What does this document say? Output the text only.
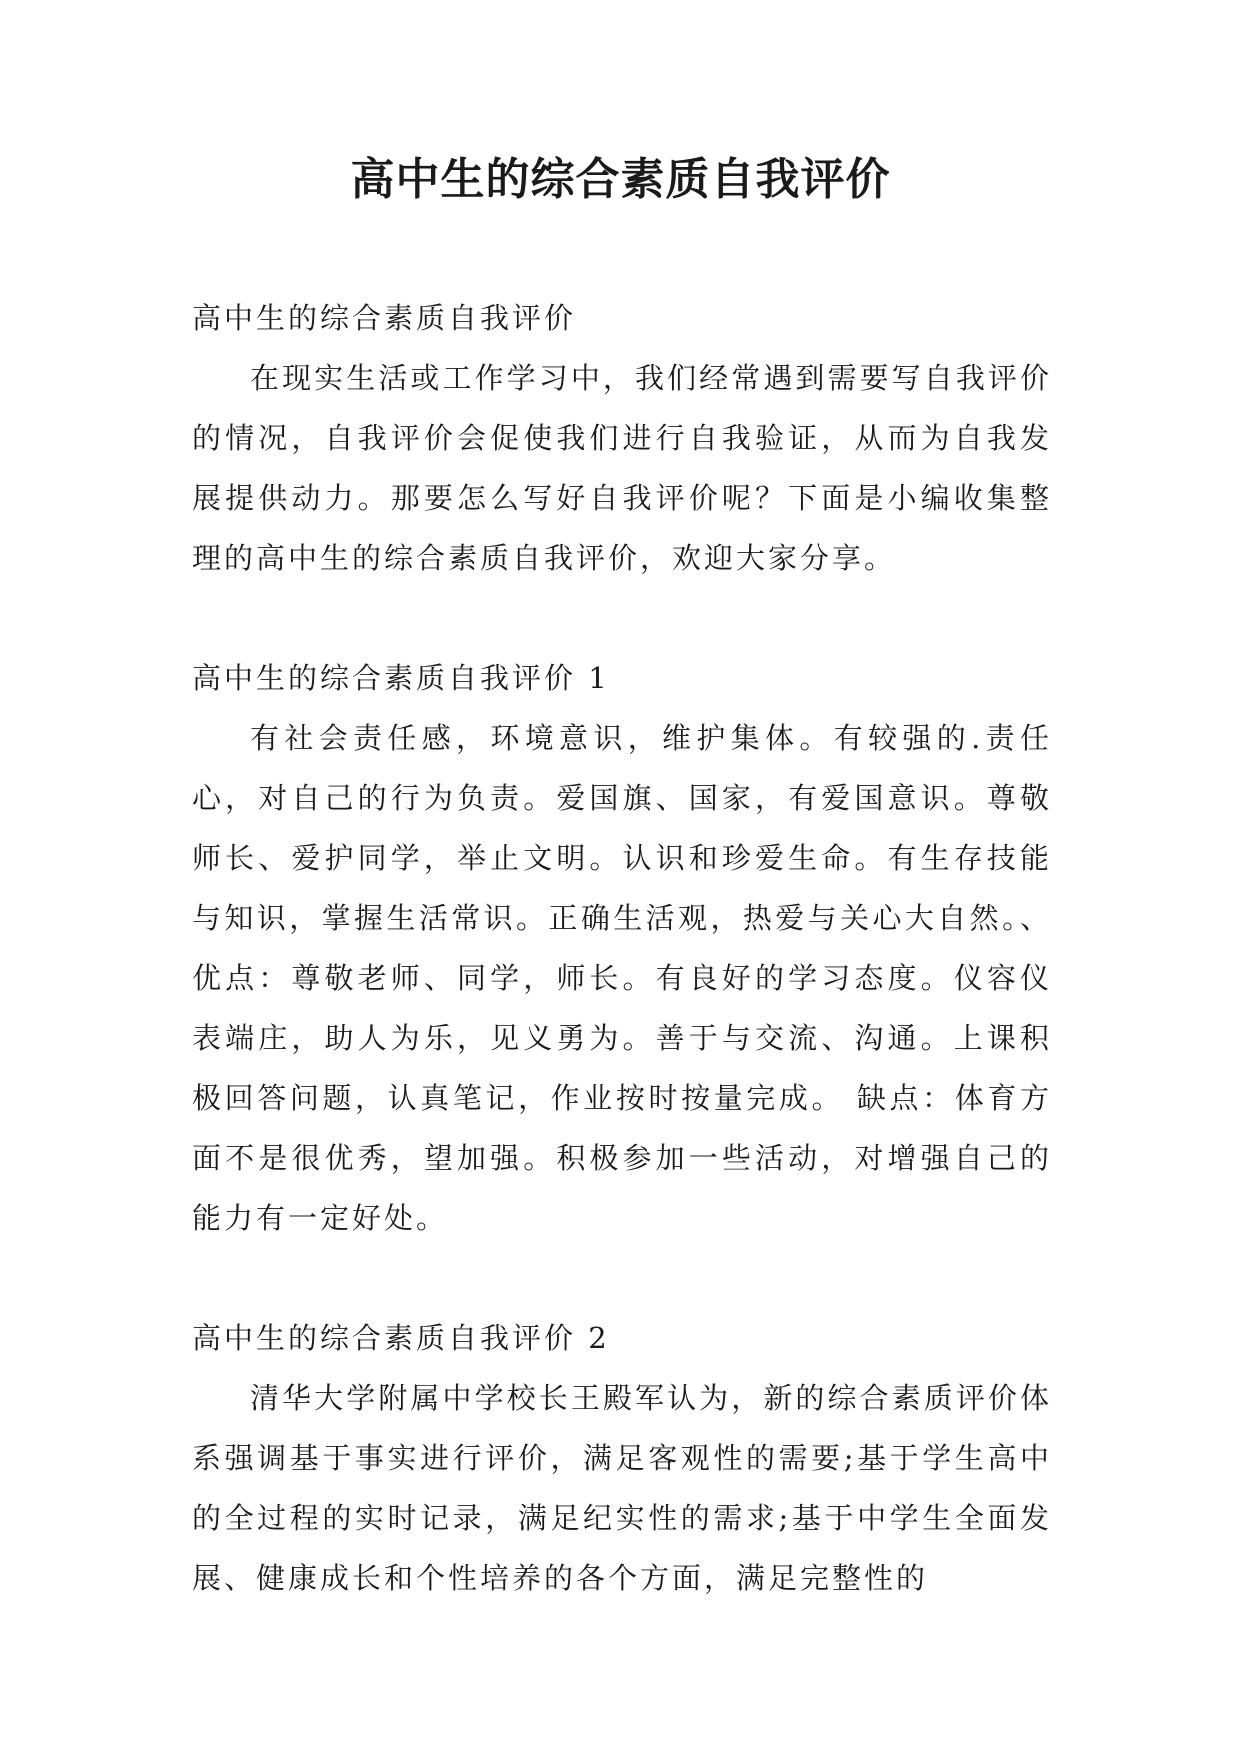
高中生的综合素质自我评价

高中生的综合素质自我评价

在现实生活或工作学习中，我们经常遇到需要写自我评价的情况，自我评价会促使我们进行自我验证，从而为自我发展提供动力。那要怎么写好自我评价呢？下面是小编收集整理的高中生的综合素质自我评价，欢迎大家分享。

高中生的综合素质自我评价 1

有社会责任感，环境意识，维护集体。有较强的.责任心，对自己的行为负责。爱国旗、国家，有爱国意识。尊敬师长、爱护同学，举止文明。认识和珍爱生命。有生存技能与知识，掌握生活常识。正确生活观，热爱与关心大自然。、优点：尊敬老师、同学，师长。有良好的学习态度。仪容仪表端庄，助人为乐，见义勇为。善于与交流、沟通。上课积极回答问题，认真笔记，作业按时按量完成。 缺点：体育方面不是很优秀，望加强。积极参加一些活动，对增强自己的能力有一定好处。

高中生的综合素质自我评价 2

清华大学附属中学校长王殿军认为，新的综合素质评价体系强调基于事实进行评价，满足客观性的需要;基于学生高中的全过程的实时记录，满足纪实性的需求;基于中学生全面发展、健康成长和个性培养的各个方面，满足完整性的
